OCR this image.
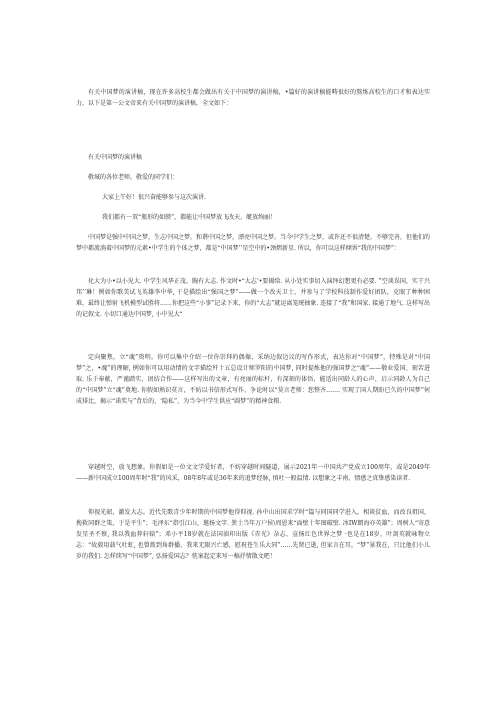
有关中国梦的演讲稿，现在许多高校生都会做出有关于中国梦的演讲稿，•篇好的演讲稿能畴很好的熬炼高校生的口才和表达实力，以下是第一公文帝来有关中国梦的演讲稿，全文如下：

有关中国梦的演讲稿

敬城的各位老师，敬爱的同学们：

大家上午好！很兴奋能够参与这次演讲.

我们都有一双“瓶形的如膀”，都能让中国梦放飞改天，艇放绚丽！

中国梦是强中中国之梦，生志中国之梦，和谐中国之梦，漂亮中国之梦。当今中学生之梦，或许还不很清楚，不够完善，但他们的梦中都流淌着中国梦的元素•中学生的个体之梦，都是“中国梦’’星空中的•颈熠新星. 所以，你可以这样倾诉“我的中国梦”：

化大为小•以小见大. 中学生风华正茂，胸有大志. 作文时•“大志’•要揭给. 从小处实事切入演绎幻想更有必要. ”空谈误国，实干兴邦’’琳！例如你歌美试飞英雄李中华, 于是描绘出“强国之梦”——做一个改天卫士，并参与了学校科技制作爱好团队，克眼了种种困难，最终让弹射飞机模型试胜将……你把这些“小事”记录下来，你的“大志”就运离笼统抽象. 连接了“我”和国家. 接通了地气. 这样写出的记叙文. 小切口通达中国梦, 小中见大“

定向聚焦，立“魂”资明。你可以集中介绍一位你崇拜的偶像，采纳边叙边议的写作形式，表达你对“中国梦”，特殊是对“中国梦”之，•魂”的理解, 例如你可以用动情的文字描绘歼十五总设计师罗阳的中国梦, 同时提炼他的强国梦之“魂”——敬业爱国、刻苦进取. 乐于奉献，严谨踏实，团结合作——这样写出的文章，有亮丽的标杆，有深刻的体悟，能适出同龄人的心声，启示同龄人为自己的“中国梦”立“魂”奠地. 你假如熟识莫言，不妨以书信形式写作，争论时以“莫言老师：您整齐……. 实现了国人期盼已久的中国梦”何成排比，揭示“诺奖与”背后的，‘隐私”，为当今中学生供应“圆梦”的精神食粮.

穿越时空，放飞想象。你假如是一位文文学爱好者，不妨穿越时间隧道，展示2021年一中国共产党成立100周年，或是2049年——新中国成立100周年时“我”的风采，08年8年或是36年来的追梦经脉, 慎吐一般温情. 以想象之丰南、情感之真挚感染读者.

仰视光韶，激发大志。近代先歌青少年时期的中国梦他得仰视. 孙中山出国求学时“篇与同国同学进入，相谈贫血，而改良祖国，挽救同群之策，于是平生”；毛泽东“指引江山，邀扬文字. 粪土当年万户侯\周恩来“面壁十年图破壁. 冰IW朗海亦英雄”；周树人“寄意发星圣不察, 我以我血荐轩辕”；邓小平18岁就在法国油印出版《赤光》杂志，宣扬红色世界之梦 ·也是在18岁，叶剑英就咏物立志：“故毅用载气吐虹, 也曾拨到角群播、我来无限兴亡感，慰祝苍生乐大同”……先贤已逝, 但家言在耳，“梦”景我在，只比他们小儿岁的我们. 怎样续写“中国梦”, 弘扬爱国志？恍案起定来写一稿抒情散文吧！
